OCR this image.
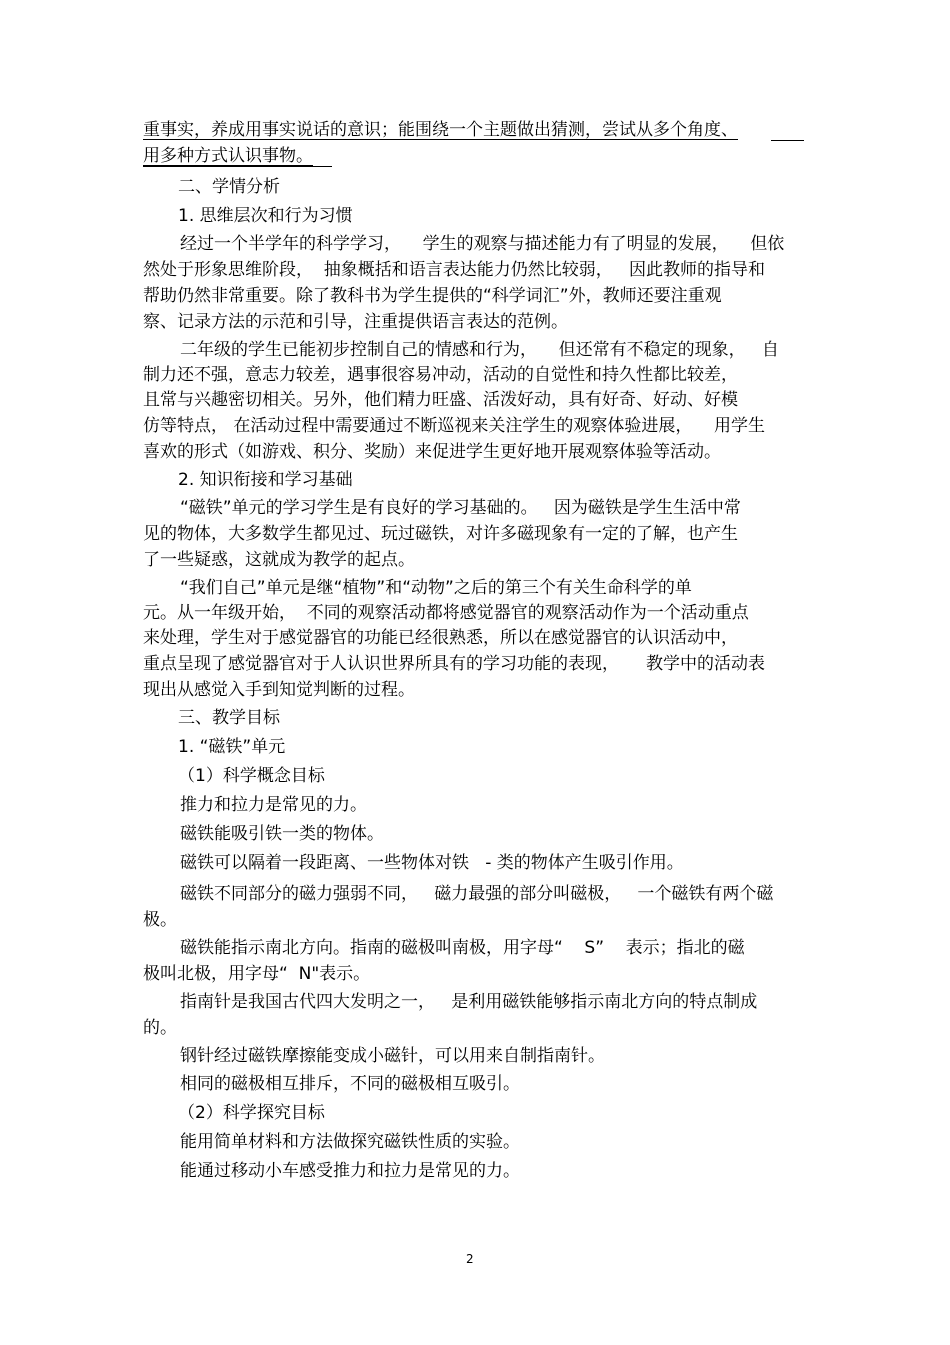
重事实，养成用事实说话的意识；能围绕一个主题做出猜测，尝试从多个角度、

用多种方式认识事物。

二、学情分析

1. 思维层次和行为习惯

经过一个半学年的科学学习，    学生的观察与描述能力有了明显的发展，    但依

然处于形象思维阶段，  抽象概括和语言表达能力仍然比较弱，   因此教师的指导和

帮助仍然非常重要。除了教科书为学生提供的“科学词汇”外，教师还要注重观

察、记录方法的示范和引导，注重提供语言表达的范例。

二年级的学生已能初步控制自己的情感和行为，    但还常有不稳定的现象，   自

制力还不强，意志力较差，遇事很容易冲动，活动的自觉性和持久性都比较差，

且常与兴趣密切相关。另外，他们精力旺盛、活泼好动，具有好奇、好动、好模

仿等特点， 在活动过程中需要通过不断巡视来关注学生的观察体验进展，    用学生

喜欢的形式（如游戏、积分、奖励）来促进学生更好地开展观察体验等活动。

2. 知识衔接和学习基础

“磁铁”单元的学习学生是有良好的学习基础的。   因为磁铁是学生生活中常

见的物体，大多数学生都见过、玩过磁铁，对许多磁现象有一定的了解，也产生

了一些疑惑，这就成为教学的起点。

“我们自己”单元是继“植物”和“动物”之后的第三个有关生命科学的单

元。从一年级开始，  不同的观察活动都将感觉器官的观察活动作为一个活动重点

来处理，学生对于感觉器官的功能已经很熟悉，所以在感觉器官的认识活动中，

重点呈现了感觉器官对于人认识世界所具有的学习功能的表现，     教学中的活动表

现出从感觉入手到知觉判断的过程。

三、教学目标

1. “磁铁”单元

（1）科学概念目标

推力和拉力是常见的力。

磁铁能吸引铁一类的物体。

磁铁可以隔着一段距离、一些物体对铁   - 类的物体产生吸引作用。

磁铁不同部分的磁力强弱不同，   磁力最强的部分叫磁极，   一个磁铁有两个磁

极。

磁铁能指示南北方向。指南的磁极叫南极，用字母“    S”    表示；指北的磁

极叫北极，用字母“  N"表示。

指南针是我国古代四大发明之一，   是利用磁铁能够指示南北方向的特点制成

的。

钢针经过磁铁摩擦能变成小磁针，可以用来自制指南针。

相同的磁极相互排斥，不同的磁极相互吸引。

（2）科学探究目标

能用简单材料和方法做探究磁铁性质的实验。

能通过移动小车感受推力和拉力是常见的力。

2
